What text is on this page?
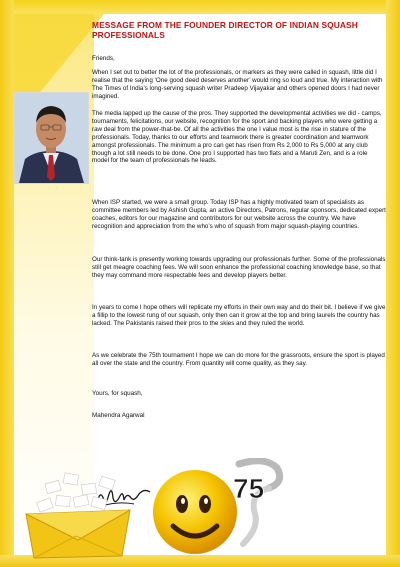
MESSAGE FROM THE FOUNDER DIRECTOR OF INDIAN SQUASH PROFESSIONALS
Friends,
When I set out to better the lot of the professionals, or markers as they were called in squash, little did I realise that the saying ‘One good deed deserves another’ would ring so loud and true. My interaction with The Times of India’s long-serving squash writer Pradeep Vijayakar and others opened doors I had never imagined.
The media lapped up the cause of the pros. They supported the developmental activities we did - camps, tournaments, felicitations, our website, recognition for the sport and backing players who were getting a raw deal from the power-that-be. Of all the activities the one I value most is the rise in stature of the professionals. Today, thanks to our efforts and teamwork there is greater coordination and teamwork amongst professionals. The minimum a pro can get has risen from Rs 2,000 to Rs 5,000 at any club though a lot still needs to be done. One pro I supported has two flats and a Maruti Zen, and is a role model for the team of professionals he leads.
When ISP started, we were a small group. Today ISP has a highly motivated team of specialists as committee members led by Ashish Gupta, an active Directors, Patrons, regular sponsors, dedicated expert coaches, editors for our magazine and contributors for our website across the country. We have recognition and appreciation from the who’s who of squash from major squash-playing countries.
Our think-tank is presently working towards upgrading our professionals further. Some of the professionals still get meagre coaching fees. We will soon enhance the professional coaching knowledge base, so that they may command more respectable fees and develop players better.
In years to come I hope others will replicate my efforts in their own way and do their bit. I believe if we give a fillip to the lowest rung of our squash, only then can it grow at the top and bring laurels the country has lacked. The Pakistanis raised their pros to the skies and they ruled the world.
As we celebrate the 75th tournament I hope we can do more for the grassroots, ensure the sport is played all over the state and the country. From quantity will come quality, as they say.
Yours, for squash,
Mahendra Agarwal
75
